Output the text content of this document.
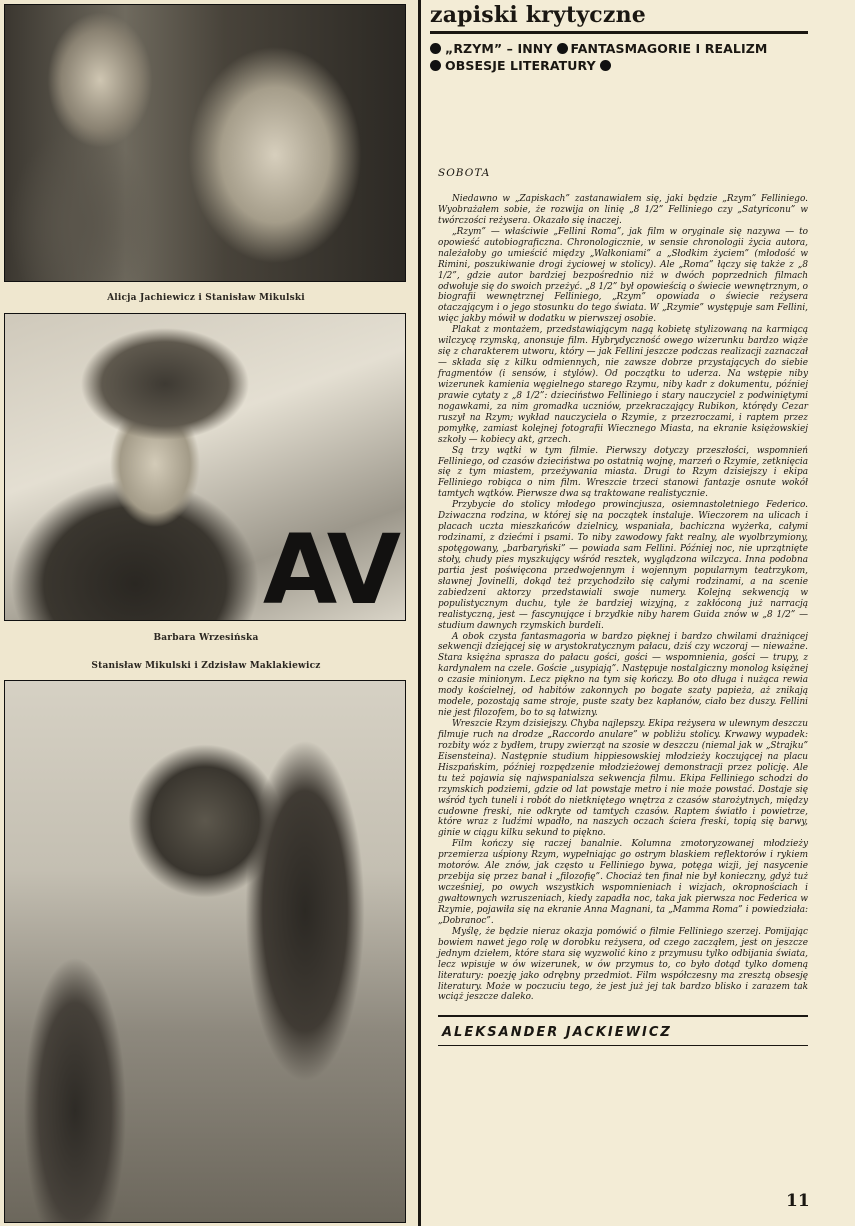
Alicja Jachiewicz i Stanisław Mikulski
AV
Barbara Wrzesińska
Stanisław Mikulski i Zdzisław Maklakiewicz
zapiski krytyczne
„RZYM” – INNY FANTASMAGORIE I REALIZM
OBSESJE LITERATURY
SOBOTA

Niedawno w „Zapiskach” zastanawiałem się, jaki będzie „Rzym” Felliniego. Wyobrażałem sobie, że rozwija on linię „8 1/2” Felliniego czy „Satyriconu” w twórczości reżysera. Okazało się inaczej.

„Rzym” — właściwie „Fellini Roma”, jak film w oryginale się nazywa — to opowieść autobiograficzna. Chronologicznie, w sensie chronologii życia autora, należałoby go umieścić między „Wałkoniami” a „Słodkim życiem” (młodość w Rimini, poszukiwanie drogi życiowej w stolicy). Ale „Roma” łączy się także z „8 1/2”, gdzie autor bardziej bezpośrednio niż w dwóch poprzednich filmach odwołuje się do swoich przeżyć. „8 1/2” był opowieścią o świecie wewnętrznym, o biografii wewnętrznej Felliniego, „Rzym” opowiada o świecie reżysera otaczającym i o jego stosunku do tego świata. W „Rzymie” występuje sam Fellini, więc jakby mówił w dodatku w pierwszej osobie.

Plakat z montażem, przedstawiającym nagą kobietę stylizowaną na karmiącą wilczycę rzymską, anonsuje film. Hybrydyczność owego wizerunku bardzo wiąże się z charakterem utworu, który — jak Fellini jeszcze podczas realizacji zaznaczał — składa się z kilku odmiennych, nie zawsze dobrze przystających do siebie fragmentów (i sensów, i stylów). Od początku to uderza. Na wstępie niby wizerunek kamienia węgielnego starego Rzymu, niby kadr z dokumentu, później prawie cytaty z „8 1/2”: dzieciństwo Felliniego i stary nauczyciel z podwiniętymi nogawkami, za nim gromadka uczniów, przekraczający Rubikon, którędy Cezar ruszył na Rzym; wykład nauczyciela o Rzymie, z przezroczami, i raptem przez pomyłkę, zamiast kolejnej fotografii Wiecznego Miasta, na ekranie księżowskiej szkoły — kobiecy akt, grzech.

Są trzy wątki w tym filmie. Pierwszy dotyczy przeszłości, wspomnień Felliniego, od czasów dzieciństwa po ostatnią wojnę, marzeń o Rzymie, zetknięcia się z tym miastem, przeżywania miasta. Drugi to Rzym dzisiejszy i ekipa Felliniego robiąca o nim film. Wreszcie trzeci stanowi fantazje osnute wokół tamtych wątków. Pierwsze dwa są traktowane realistycznie.

Przybycie do stolicy młodego prowincjusza, osiemnastoletniego Federico. Dziwaczna rodzina, w której się na początek instaluje. Wieczorem na ulicach i placach uczta mieszkańców dzielnicy, wspaniała, bachiczna wyżerka, całymi rodzinami, z dziećmi i psami. To niby zawodowy fakt realny, ale wyolbrzymiony, spotęgowany, „barbaryński” — powiada sam Fellini. Później noc, nie uprzątnięte stoły, chudy pies myszkujący wśród resztek, wyglądzona wilczyca. Inna podobna partia jest poświęcona przedwojennym i wojennym popularnym teatrzykom, sławnej Jovinelli, dokąd też przychodziło się całymi rodzinami, a na scenie zabiedzeni aktorzy przedstawiali swoje numery. Kolejną sekwencją w populistycznym duchu, tyle że bardziej wizyjną, z zakłóconą już narracją realistyczną, jest — fascynujące i brzydkie niby harem Guida znów w „8 1/2” — studium dawnych rzymskich burdeli.

A obok czysta fantasmagoria w bardzo pięknej i bardzo chwilami drażniącej sekwencji dziejącej się w arystokratycznym pałacu, dziś czy wczoraj — nieważne. Stara księżna sprasza do pałacu gości, gości — wspomnienia, gości — trupy, z kardynałem na czele. Goście „usypiają”. Następuje nostalgiczny monolog księżnej o czasie minionym. Lecz piękno na tym się kończy. Bo oto długa i nużąca rewia mody kościelnej, od habitów zakonnych po bogate szaty papieża, aż znikają modele, pozostają same stroje, puste szaty bez kapłanów, ciało bez duszy. Fellini nie jest filozofem, bo to są łatwizny.

Wreszcie Rzym dzisiejszy. Chyba najlepszy. Ekipa reżysera w ulewnym deszczu filmuje ruch na drodze „Raccordo anulare” w pobliżu stolicy. Krwawy wypadek: rozbity wóz z bydłem, trupy zwierząt na szosie w deszczu (niemal jak w „Strajku” Eisensteina). Następnie studium hippiesowskiej młodzieży koczującej na placu Hiszpańskim, później rozpędzenie młodzieżowej demonstracji przez policję. Ale tu też pojawia się najwspanialsza sekwencja filmu. Ekipa Felliniego schodzi do rzymskich podziemi, gdzie od lat powstaje metro i nie może powstać. Dostaje się wśród tych tuneli i robót do nietkniętego wnętrza z czasów starożytnych, między cudowne freski, nie odkryte od tamtych czasów. Raptem światło i powietrze, które wraz z ludźmi wpadło, na naszych oczach ściera freski, topią się barwy, ginie w ciągu kilku sekund to piękno.

Film kończy się raczej banalnie. Kolumna zmotoryzowanej młodzieży przemierza uśpiony Rzym, wypełniając go ostrym blaskiem reflektorów i rykiem motorów. Ale znów, jak często u Felliniego bywa, potęga wizji, jej nasycenie przebija się przez banał i „filozofię”. Chociaż ten finał nie był konieczny, gdyż tuż wcześniej, po owych wszystkich wspomnieniach i wizjach, okropnościach i gwałtownych wzruszeniach, kiedy zapadła noc, taka jak pierwsza noc Federica w Rzymie, pojawiła się na ekranie Anna Magnani, ta „Mamma Roma” i powiedziała: „Dobranoc”.

Myślę, że będzie nieraz okazja pomówić o filmie Felliniego szerzej. Pomijając bowiem nawet jego rolę w dorobku reżysera, od czego zacząłem, jest on jeszcze jednym dziełem, które stara się wyzwolić kino z przymusu tylko odbijania świata, lecz wpisuje w ów wizerunek, w ów przymus to, co było dotąd tylko domeną literatury: poezję jako odrębny przedmiot. Film współczesny ma zresztą obsesję literatury. Może w poczuciu tego, że jest już jej tak bardzo blisko i zarazem tak wciąż jeszcze daleko.

ALEKSANDER JACKIEWICZ
11
